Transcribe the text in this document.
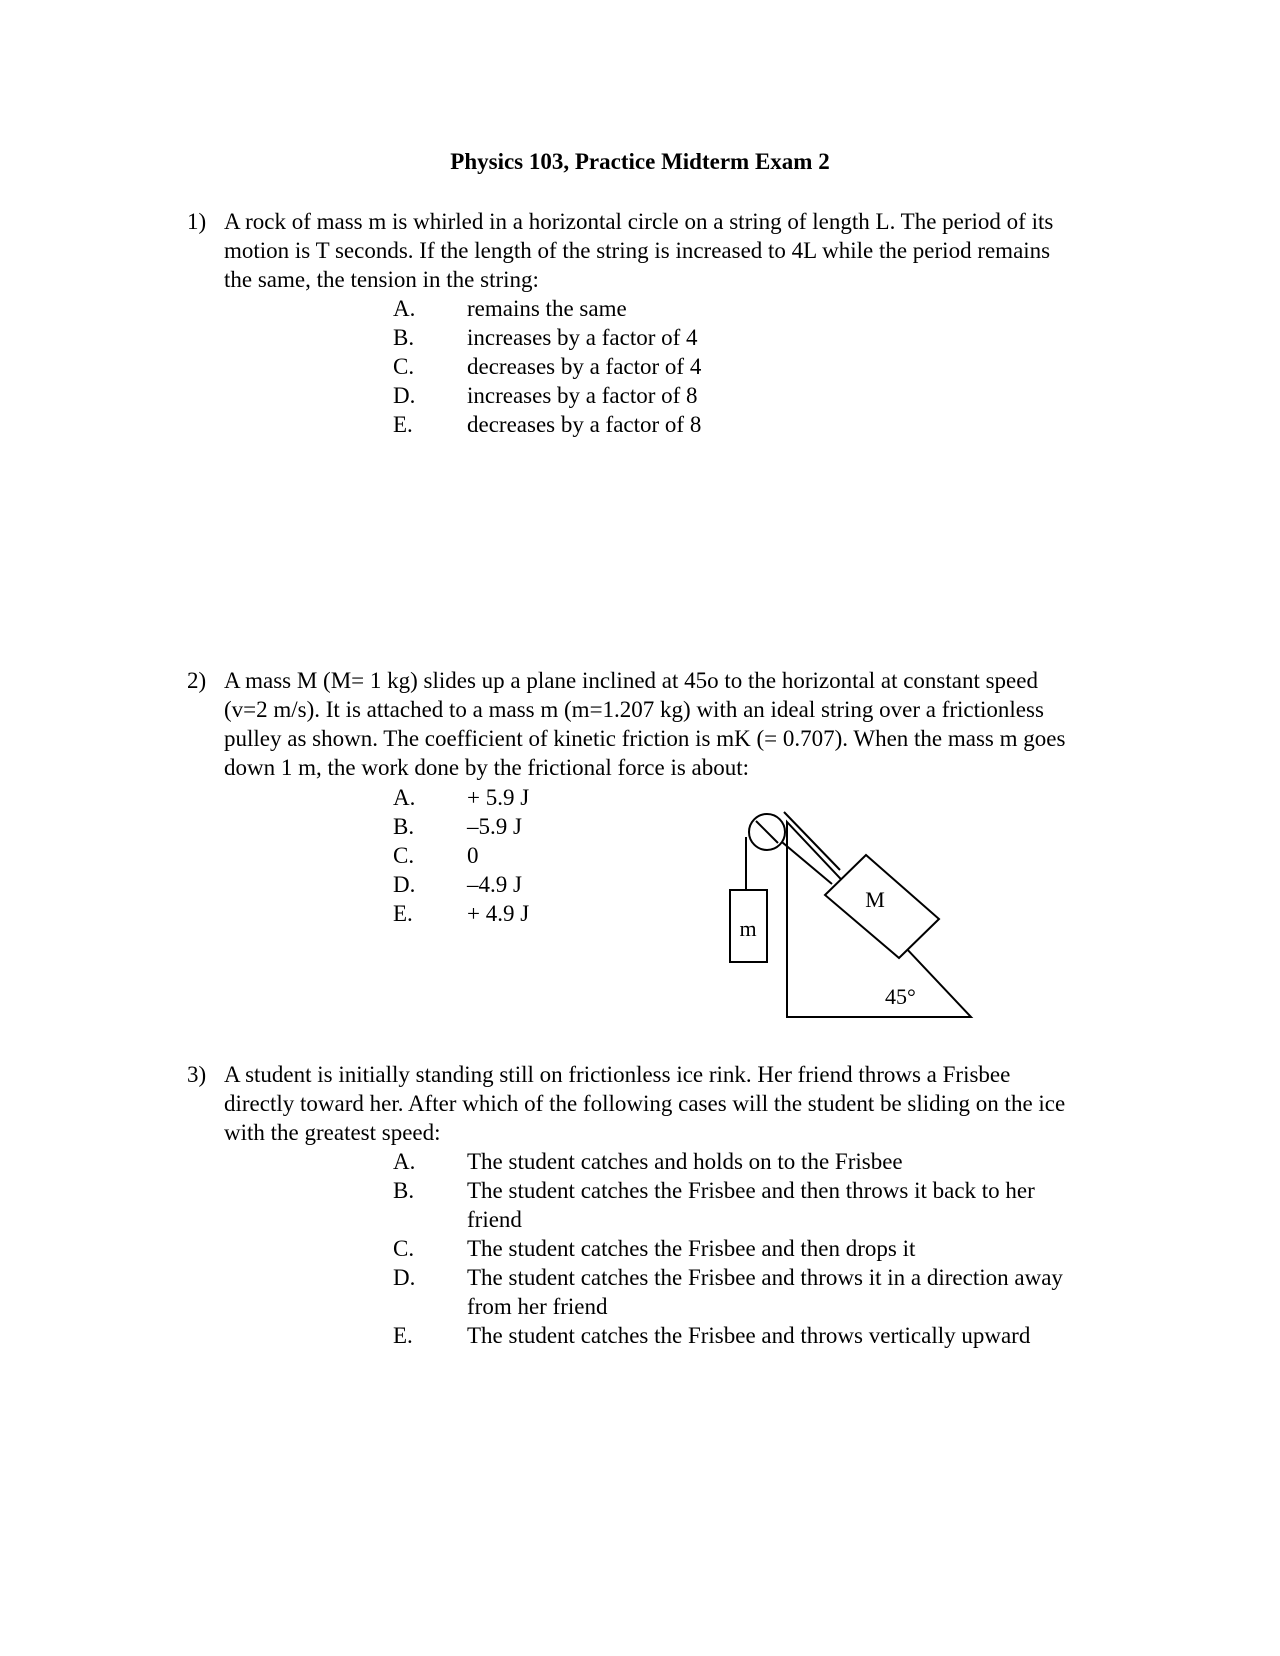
Physics 103, Practice Midterm Exam 2
1) A rock of mass m is whirled in a horizontal circle on a string of length L. The period of its motion is T seconds. If the length of the string is increased to 4L while the period remains the same, the tension in the string:
A.	remains the same
B.	increases by a factor of 4
C.	decreases by a factor of 4
D.	increases by a factor of 8
E.	decreases by a factor of 8
2) A mass M (M= 1 kg) slides up a plane inclined at 45o to the horizontal at constant speed (v=2 m/s). It is attached to a mass m (m=1.207 kg) with an ideal string over a frictionless pulley as shown. The coefficient of kinetic friction is mK (= 0.707). When the mass m goes down 1 m, the work done by the frictional force is about:
A.	+ 5.9 J
B.	–5.9 J
C.	0
D.	–4.9 J
E.	+ 4.9 J
m
M
45°
3) A student is initially standing still on frictionless ice rink. Her friend throws a Frisbee directly toward her. After which of the following cases will the student be sliding on the ice with the greatest speed:
A.	The student catches and holds on to the Frisbee
B.	The student catches the Frisbee and then throws it back to her friend
C.	The student catches the Frisbee and then drops it
D.	The student catches the Frisbee and throws it in a direction away from her friend
E.	The student catches the Frisbee and throws vertically upward
